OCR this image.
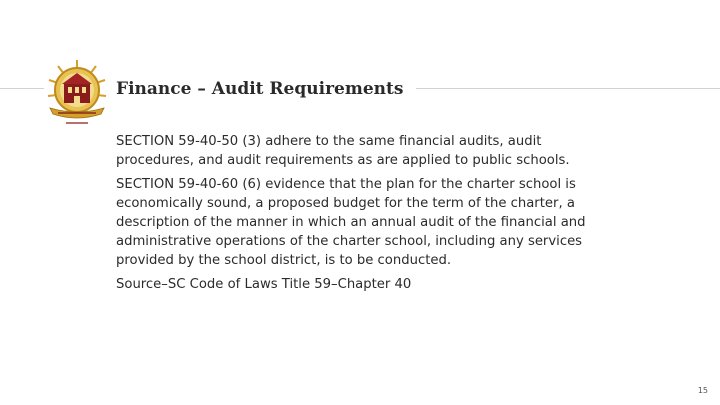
Finance – Audit Requirements

SECTION 59-40-50 (3) adhere to the same financial audits, audit procedures, and audit requirements as are applied to public schools.

SECTION 59-40-60 (6) evidence that the plan for the charter school is economically sound, a proposed budget for the term of the charter, a description of the manner in which an annual audit of the financial and administrative operations of the charter school, including any services provided by the school district, is to be conducted.

Source–SC Code of Laws Title 59–Chapter 40

15
